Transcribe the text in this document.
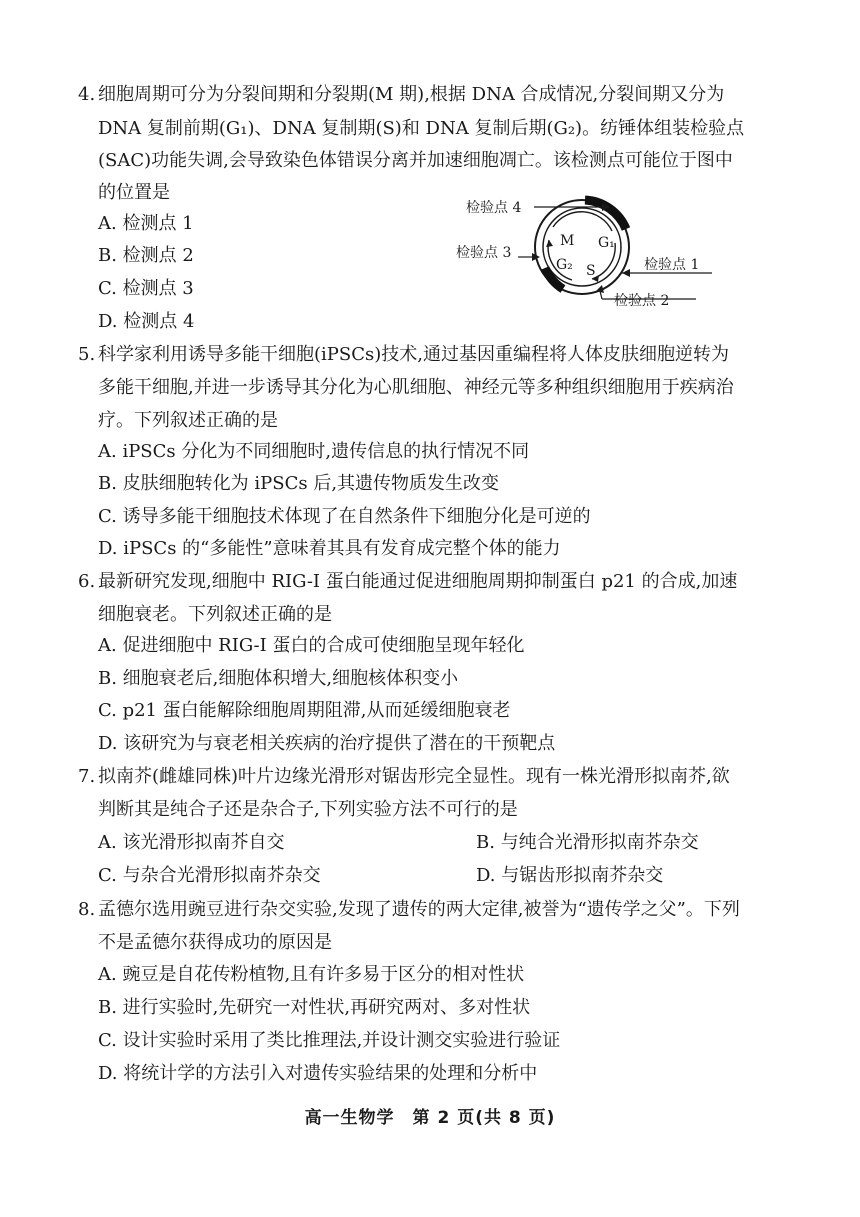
4. 细胞周期可分为分裂间期和分裂期(M 期),根据 DNA 合成情况,分裂间期又分为
DNA 复制前期(G₁)、DNA 复制期(S)和 DNA 复制后期(G₂)。纺锤体组装检验点
(SAC)功能失调,会导致染色体错误分离并加速细胞凋亡。该检测点可能位于图中
的位置是
A. 检测点 1
B. 检测点 2
C. 检测点 3
D. 检测点 4
M G₁
G₂ S
检验点 4
检验点 3
检验点 1
检验点 2
5. 科学家利用诱导多能干细胞(iPSCs)技术,通过基因重编程将人体皮肤细胞逆转为
多能干细胞,并进一步诱导其分化为心肌细胞、神经元等多种组织细胞用于疾病治
疗。下列叙述正确的是
A. iPSCs 分化为不同细胞时,遗传信息的执行情况不同
B. 皮肤细胞转化为 iPSCs 后,其遗传物质发生改变
C. 诱导多能干细胞技术体现了在自然条件下细胞分化是可逆的
D. iPSCs 的“多能性”意味着其具有发育成完整个体的能力
6. 最新研究发现,细胞中 RIG-I 蛋白能通过促进细胞周期抑制蛋白 p21 的合成,加速
细胞衰老。下列叙述正确的是
A. 促进细胞中 RIG-I 蛋白的合成可使细胞呈现年轻化
B. 细胞衰老后,细胞体积增大,细胞核体积变小
C. p21 蛋白能解除细胞周期阻滞,从而延缓细胞衰老
D. 该研究为与衰老相关疾病的治疗提供了潜在的干预靶点
7. 拟南芥(雌雄同株)叶片边缘光滑形对锯齿形完全显性。现有一株光滑形拟南芥,欲
判断其是纯合子还是杂合子,下列实验方法不可行的是
A. 该光滑形拟南芥自交	B. 与纯合光滑形拟南芥杂交
C. 与杂合光滑形拟南芥杂交	D. 与锯齿形拟南芥杂交
8. 孟德尔选用豌豆进行杂交实验,发现了遗传的两大定律,被誉为“遗传学之父”。下列
不是孟德尔获得成功的原因是
A. 豌豆是自花传粉植物,且有许多易于区分的相对性状
B. 进行实验时,先研究一对性状,再研究两对、多对性状
C. 设计实验时采用了类比推理法,并设计测交实验进行验证
D. 将统计学的方法引入对遗传实验结果的处理和分析中
高一生物学　第 2 页(共 8 页)
